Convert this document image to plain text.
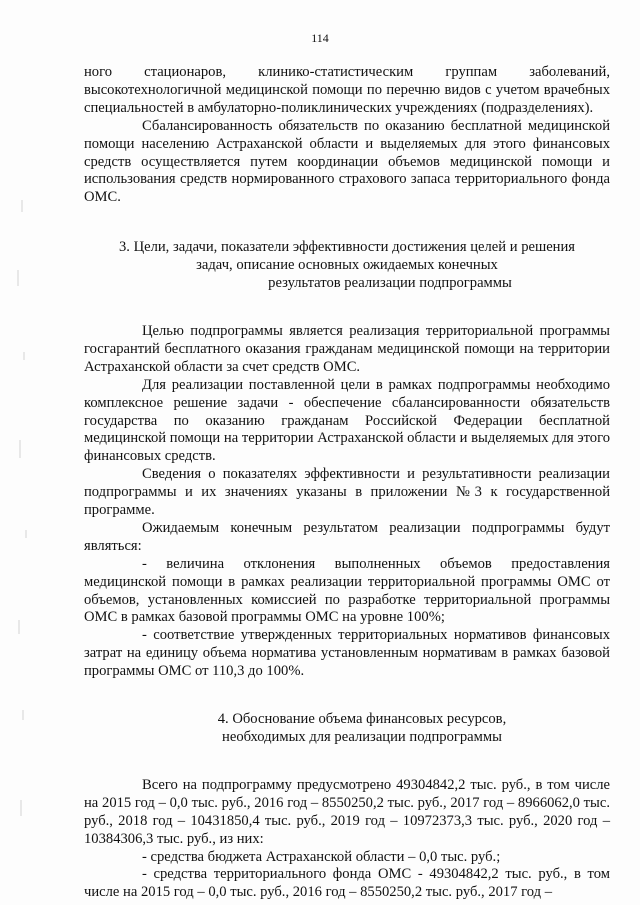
114

ного стационаров, клинико-статистическим группам заболеваний, высокотехнологичной медицинской помощи по перечню видов с учетом врачебных специальностей в амбулаторно-поликлинических учреждениях (подразделениях).

Сбалансированность обязательств по оказанию бесплатной медицинской помощи населению Астраханской области и выделяемых для этого финансовых средств осуществляется путем координации объемов медицинской помощи и использования средств нормированного страхового запаса территориального фонда ОМС.

3. Цели, задачи, показатели эффективности достижения целей и решения
задач, описание основных ожидаемых конечных
результатов реализации подпрограммы

Целью подпрограммы является реализация территориальной программы госгарантий бесплатного оказания гражданам медицинской помощи на территории Астраханской области за счет средств ОМС.

Для реализации поставленной цели в рамках подпрограммы необходимо комплексное решение задачи - обеспечение сбалансированности обязательств государства по оказанию гражданам Российской Федерации бесплатной медицинской помощи на территории Астраханской области и выделяемых для этого финансовых средств.

Сведения о показателях эффективности и результативности реализации подпрограммы и их значениях указаны в приложении №3 к государственной программе.

Ожидаемым конечным результатом реализации подпрограммы будут являться:

- величина отклонения выполненных объемов предоставления медицинской помощи в рамках реализации территориальной программы ОМС от объемов, установленных комиссией по разработке территориальной программы ОМС в рамках базовой программы ОМС на уровне 100%;

- соответствие утвержденных территориальных нормативов финансовых затрат на единицу объема норматива установленным нормативам в рамках базовой программы ОМС от 110,3 до 100%.

4. Обоснование объема финансовых ресурсов,
необходимых для реализации подпрограммы

Всего на подпрограмму предусмотрено 49304842,2 тыс. руб., в том числе на 2015 год – 0,0 тыс. руб., 2016 год – 8550250,2 тыс. руб., 2017 год – 8966062,0 тыс. руб., 2018 год – 10431850,4 тыс. руб., 2019 год – 10972373,3 тыс. руб., 2020 год – 10384306,3 тыс. руб., из них:

- средства бюджета Астраханской области – 0,0 тыс. руб.;

- средства территориального фонда ОМС - 49304842,2 тыс. руб., в том числе на 2015 год – 0,0 тыс. руб., 2016 год – 8550250,2 тыс. руб., 2017 год –
